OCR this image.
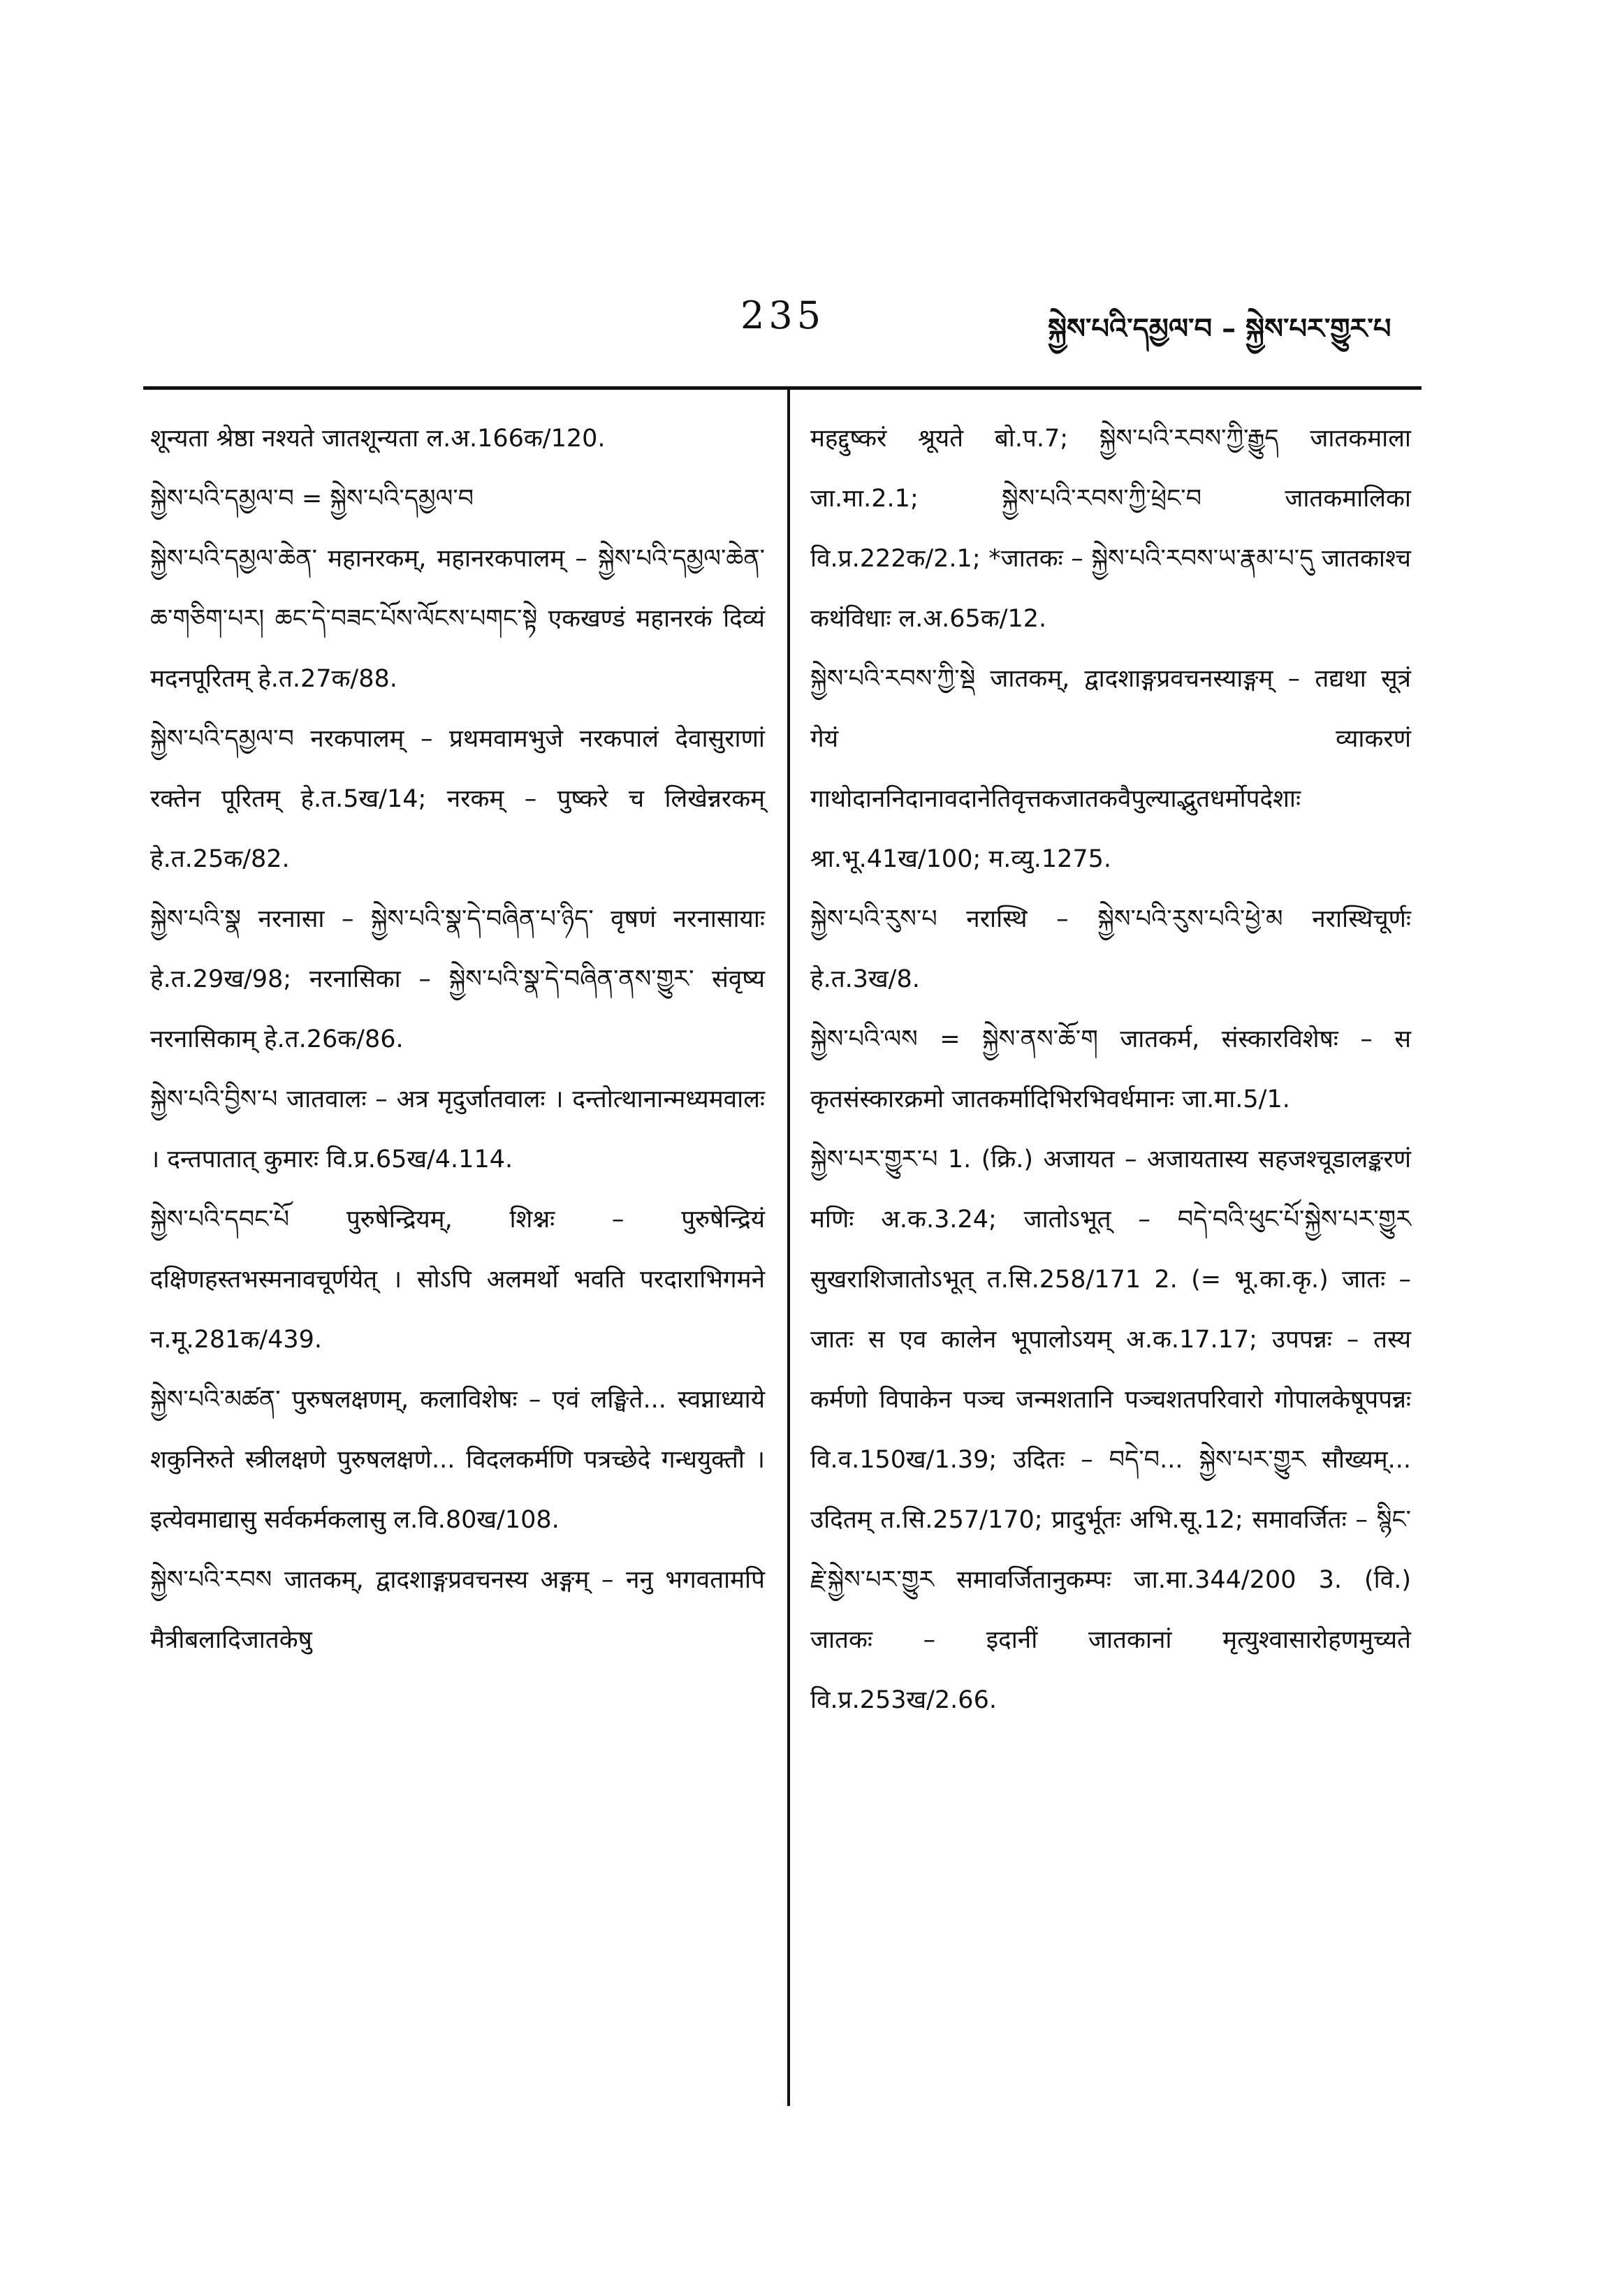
235	སྐྱེས་པའི་དམྱལ་བ – སྐྱེས་པར་གྱུར་པ

शून्यता श्रेष्ठा नश्यते जातशून्यता ल.अ.166क/120.

སྐྱེས་པའི་དམྱལ་བ = སྐྱེས་པའི་དམྱལ་བ

སྐྱེས་པའི་དམྱལ་ཆེན་ महानरकम्, महानरकपालम् – སྐྱེས་པའི་དམྱལ་ཆེན་ཆ་གཅིག་པར། ཆང་དེ་བཟང་པོས་ལོངས་པགང་སྟེ एकखण्डं महानरकं दिव्यं मदनपूरितम् हे.त.27क/88.

སྐྱེས་པའི་དམྱལ་བ नरकपालम् – प्रथमवामभुजे नरकपालं देवासुराणां रक्तेन पूरितम् हे.त.5ख/14; नरकम् – पुष्करे च लिखेन्नरकम् हे.त.25क/82.

སྐྱེས་པའི་སྣ नरनासा – སྐྱེས་པའི་སྣ་དེ་བཞིན་པ་ཉིད་ वृषणं नरनासायाः हे.त.29ख/98; नरनासिका – སྐྱེས་པའི་སྣ་དེ་བཞིན་ནས་གྱུར་ संवृष्य नरनासिकाम् हे.त.26क/86.

སྐྱེས་པའི་བྱིས་པ जातवालः – अत्र मृदुर्जातवालः । दन्तोत्थानान्मध्यमवालः । दन्तपातात् कुमारः वि.प्र.65ख/4.114.

སྐྱེས་པའི་དབང་པོ पुरुषेन्द्रियम्, शिश्नः – पुरुषेन्द्रियं दक्षिणहस्तभस्मनावचूर्णयेत् । सोऽपि अलमर्थो भवति परदाराभिगमने न.मू.281क/439.

སྐྱེས་པའི་མཚན་ पुरुषलक्षणम्, कलाविशेषः – एवं लङ्घिते... स्वप्नाध्याये शकुनिरुते स्त्रीलक्षणे पुरुषलक्षणे... विदलकर्मणि पत्रच्छेदे गन्धयुक्तौ । इत्येवमाद्यासु सर्वकर्मकलासु ल.वि.80ख/108.

སྐྱེས་པའི་རབས जातकम्, द्वादशाङ्गप्रवचनस्य अङ्गम् – ननु भगवतामपि मैत्रीबलादिजातकेषु

महद्दुष्करं श्रूयते बो.प.7; སྐྱེས་པའི་རབས་ཀྱི་རྒྱུད जातकमाला जा.मा.2.1; སྐྱེས་པའི་རབས་ཀྱི་ཕྲེང་བ जातकमालिका वि.प्र.222क/2.1; *जातकः – སྐྱེས་པའི་རབས་ཡ་རྣམ་པ་དུ जातकाश्च कथंविधाः ल.अ.65क/12.

སྐྱེས་པའི་རབས་ཀྱི་སྡེ जातकम्, द्वादशाङ्गप्रवचनस्याङ्गम् – तद्यथा सूत्रं गेयं व्याकरणं गाथोदाननिदानावदानेतिवृत्तकजातकवैपुल्याद्भुतधर्मोपदेशाः श्रा.भू.41ख/100; म.व्यु.1275.

སྐྱེས་པའི་རུས་པ नरास्थि – སྐྱེས་པའི་རུས་པའི་ཕྱེ་མ नरास्थिचूर्णः हे.त.3ख/8.

སྐྱེས་པའི་ལས = སྐྱེས་ནས་ཆོ་ག जातकर्म, संस्कारविशेषः – स कृतसंस्कारक्रमो जातकर्मादिभिरभिवर्धमानः जा.मा.5/1.

སྐྱེས་པར་གྱུར་པ 1. (क्रि.) अजायत – अजायतास्य सहजश्चूडालङ्करणं मणिः अ.क.3.24; जातोऽभूत् – བདེ་བའི་ཕུང་པོ་སྐྱེས་པར་གྱུར सुखराशिजातोऽभूत् त.सि.258/171 2. (= भू.का.कृ.) जातः – जातः स एव कालेन भूपालोऽयम् अ.क.17.17; उपपन्नः – तस्य कर्मणो विपाकेन पञ्च जन्मशतानि पञ्चशतपरिवारो गोपालकेषूपपन्नः वि.व.150ख/1.39; उदितः – བདེ་བ... སྐྱེས་པར་གྱུར सौख्यम्... उदितम् त.सि.257/170; प्रादुर्भूतः अभि.सू.12; समावर्जितः – སྙིང་རྗེ་སྐྱེས་པར་གྱུར समावर्जितानुकम्पः जा.मा.344/200 3. (वि.) जातकः – इदानीं जातकानां मृत्युश्वासारोहणमुच्यते वि.प्र.253ख/2.66.
